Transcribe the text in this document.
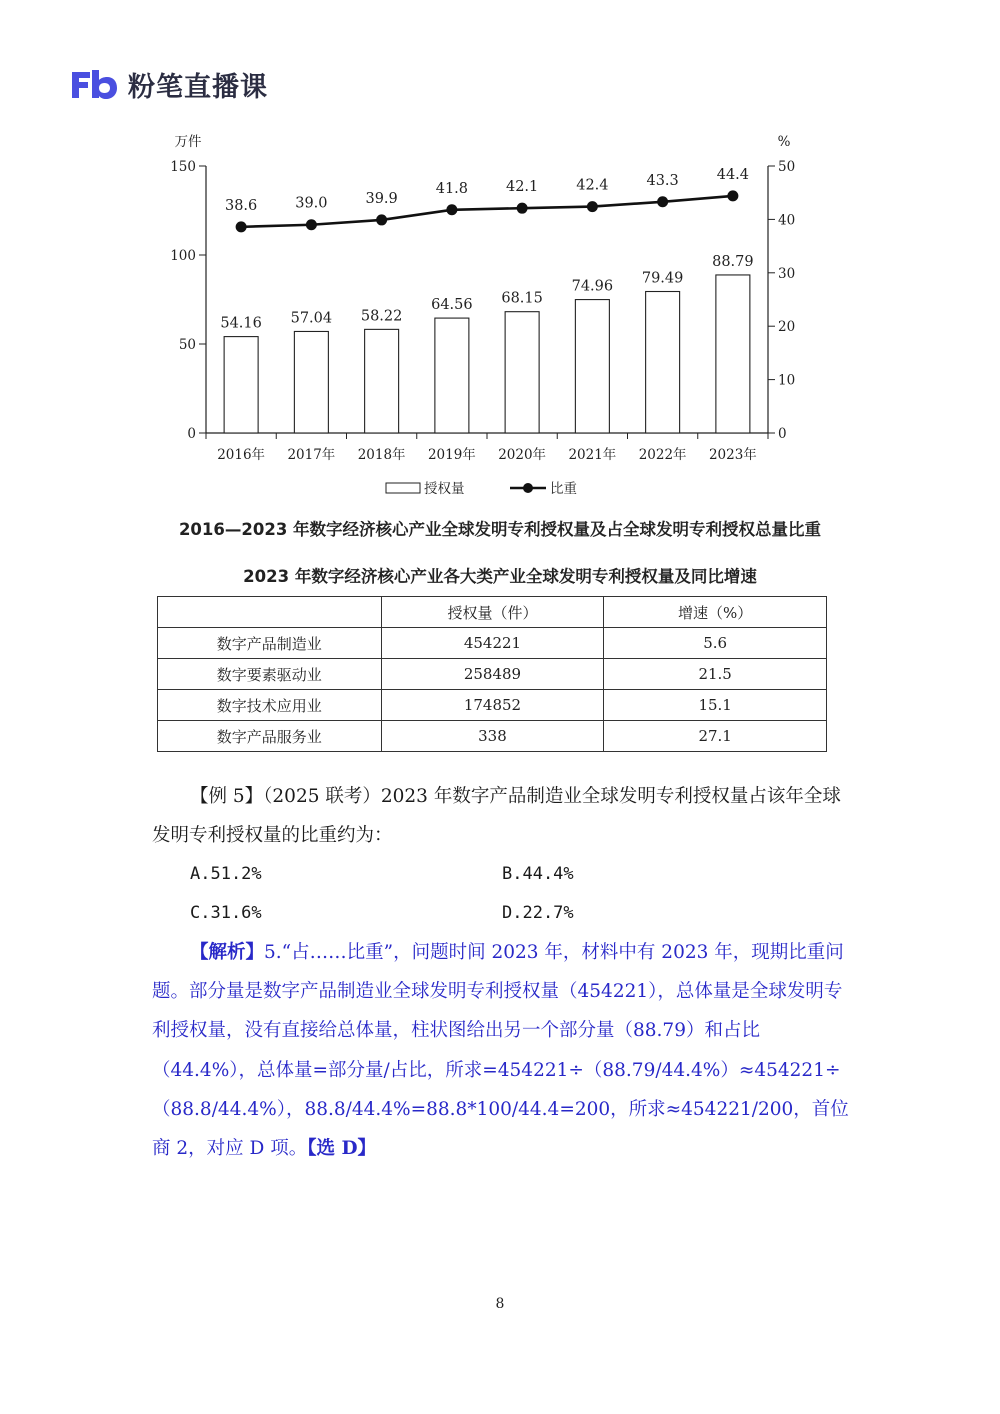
粉笔直播课
万件	%
0
50
100
150
0
10
20
30
40
50
2016年 2017年 2018年 2019年 2020年 2021年 2022年 2023年
54.16 57.04 58.22
64.56 68.15
74.96
79.49
88.79
38.6	39.0	39.9
41.8	42.1	42.4	43.3	44.4
授权量	比重
2016—2023 年数字经济核心产业全球发明专利授权量及占全球发明专利授权总量比重
2023 年数字经济核心产业各大类产业全球发明专利授权量及同比增速
	授权量（件）	增速（%）
数字产品制造业	454221	5.6
数字要素驱动业	258489	21.5
数字技术应用业	174852	15.1
数字产品服务业	338	27.1
【例 5】（2025 联考）2023 年数字产品制造业全球发明专利授权量占该年全球发明专利授权量的比重约为：
A.51.2%	B.44.4%
C.31.6%	D.22.7%
【解析】5.“占……比重”，问题时间 2023 年，材料中有 2023 年，现期比重问题。部分量是数字产品制造业全球发明专利授权量（454221），总体量是全球发明专利授权量，没有直接给总体量，柱状图给出另一个部分量（88.79）和占比（44.4%），总体量=部分量/占比，所求=454221÷（88.79/44.4%）≈454221÷（88.8/44.4%），88.8/44.4%=88.8*100/44.4=200，所求≈454221/200，首位商 2，对应 D 项。【选 D】
8
